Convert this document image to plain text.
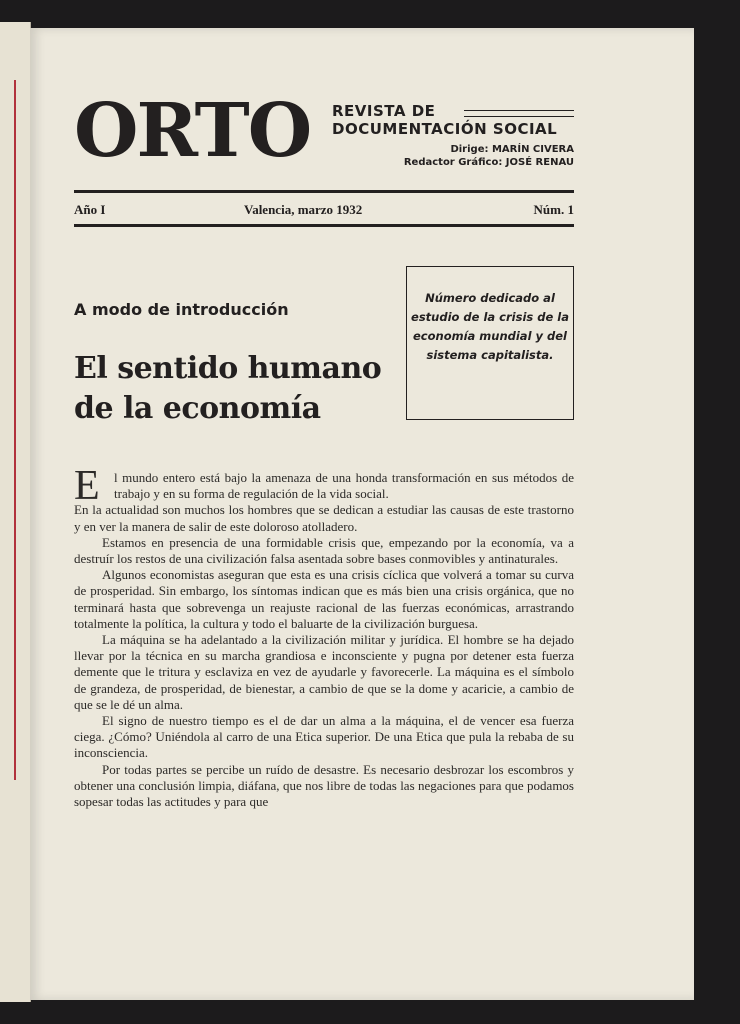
ORTO REVISTA DE
DOCUMENTACIÓN SOCIAL
Dirige: MARÍN CIVERA
Redactor Gráfico: JOSÉ RENAU
Año I	Valencia, marzo 1932	Núm. 1
Número dedicado al estudio de la crisis de la economía mundial y del sistema capitalista.
A modo de introducción
El sentido humano
de la economía
E	l mundo entero está bajo la amenaza de una honda transformación en sus métodos de trabajo y en su forma de regulación de la vida social.
En la actualidad son muchos los hombres que se dedican a estudiar las causas de este trastorno y en ver la manera de salir de este doloroso atolladero.

Estamos en presencia de una formidable crisis que, empezando por la economía, va a destruír los restos de una civilización falsa asentada sobre bases conmovibles y antinaturales.

Algunos economistas aseguran que esta es una crisis cíclica que volverá a tomar su curva de prosperidad. Sin embargo, los síntomas indican que es más bien una crisis orgánica, que no terminará hasta que sobrevenga un reajuste racional de las fuerzas económicas, arrastrando totalmente la política, la cultura y todo el baluarte de la civilización burguesa.

La máquina se ha adelantado a la civilización militar y jurídica. El hombre se ha dejado llevar por la técnica en su marcha grandiosa e inconsciente y pugna por detener esta fuerza demente que le tritura y esclaviza en vez de ayudarle y favorecerle. La máquina es el símbolo de grandeza, de prosperidad, de bienestar, a cambio de que se la dome y acaricie, a cambio de que se le dé un alma.

El signo de nuestro tiempo es el de dar un alma a la máquina, el de vencer esa fuerza ciega. ¿Cómo? Uniéndola al carro de una Etica superior. De una Etica que pula la rebaba de su inconsciencia.

Por todas partes se percibe un ruído de desastre. Es necesario desbrozar los escombros y obtener una conclusión limpia, diáfana, que nos libre de todas las negaciones para que podamos sopesar todas las actitudes y para que
